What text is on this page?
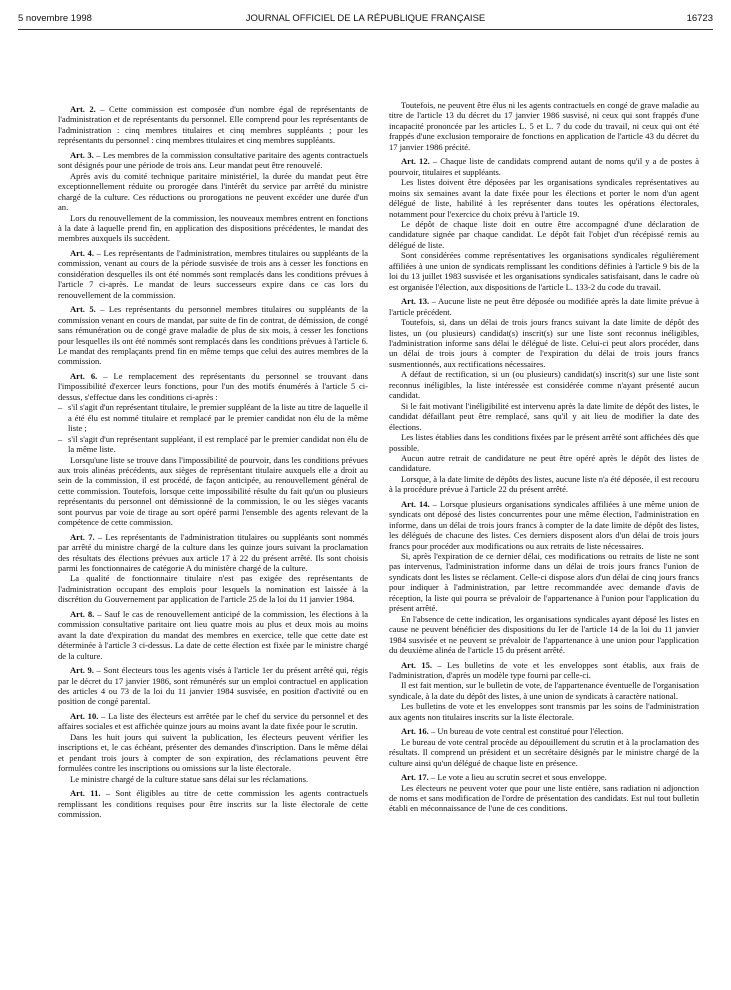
5 novembre 1998	JOURNAL OFFICIEL DE LA RÉPUBLIQUE FRANÇAISE	16723

Art. 2. – Cette commission est composée d'un nombre égal de représentants de l'administration et de représentants du personnel. Elle comprend pour les représentants de l'administration : cinq membres titulaires et cinq membres suppléants ; pour les représentants du personnel : cinq membres titulaires et cinq membres suppléants.

Art. 3. – Les membres de la commission consultative paritaire des agents contractuels sont désignés pour une période de trois ans. Leur mandat peut être renouvelé.

Après avis du comité technique paritaire ministériel, la durée du mandat peut être exceptionnellement réduite ou prorogée dans l'intérêt du service par arrêté du ministre chargé de la culture. Ces réductions ou prorogations ne peuvent excéder une durée d'un an.

Lors du renouvellement de la commission, les nouveaux membres entrent en fonctions à la date à laquelle prend fin, en application des dispositions précédentes, le mandat des membres auxquels ils succèdent.

Art. 4. – Les représentants de l'administration, membres titulaires ou suppléants de la commission, venant au cours de la période susvisée de trois ans à cesser les fonctions en considération desquelles ils ont été nommés sont remplacés dans les conditions prévues à l'article 7 ci-après. Le mandat de leurs successeurs expire dans ce cas lors du renouvellement de la commission.

Art. 5. – Les représentants du personnel membres titulaires ou suppléants de la commission venant en cours de mandat, par suite de fin de contrat, de démission, de congé sans rémunération ou de congé grave maladie de plus de six mois, à cesser les fonctions pour lesquelles ils ont été nommés sont remplacés dans les conditions prévues à l'article 6. Le mandat des remplaçants prend fin en même temps que celui des autres membres de la commission.

Art. 6. – Le remplacement des représentants du personnel se trouvant dans l'impossibilité d'exercer leurs fonctions, pour l'un des motifs énumérés à l'article 5 ci-dessus, s'effectue dans les conditions ci-après :

– s'il s'agit d'un représentant titulaire, le premier suppléant de la liste au titre de laquelle il a été élu est nommé titulaire et remplacé par le premier candidat non élu de la même liste ;

– s'il s'agit d'un représentant suppléant, il est remplacé par le premier candidat non élu de la même liste.

Lorsqu'une liste se trouve dans l'impossibilité de pourvoir, dans les conditions prévues aux trois alinéas précédents, aux sièges de représentant titulaire auxquels elle a droit au sein de la commission, il est procédé, de façon anticipée, au renouvellement général de cette commission. Toutefois, lorsque cette impossibilité résulte du fait qu'un ou plusieurs représentants du personnel ont démissionné de la commission, le ou les sièges vacants sont pourvus par voie de tirage au sort opéré parmi l'ensemble des agents relevant de la compétence de cette commission.

Art. 7. – Les représentants de l'administration titulaires ou suppléants sont nommés par arrêté du ministre chargé de la culture dans les quinze jours suivant la proclamation des résultats des élections prévues aux article 17 à 22 du présent arrêté. Ils sont choisis parmi les fonctionnaires de catégorie A du ministère chargé de la culture.

La qualité de fonctionnaire titulaire n'est pas exigée des représentants de l'administration occupant des emplois pour lesquels la nomination est laissée à la discrétion du Gouvernement par application de l'article 25 de la loi du 11 janvier 1984.

Art. 8. – Sauf le cas de renouvellement anticipé de la commission, les élections à la commission consultative paritaire ont lieu quatre mois au plus et deux mois au moins avant la date d'expiration du mandat des membres en exercice, telle que cette date est déterminée à l'article 3 ci-dessus. La date de cette élection est fixée par le ministre chargé de la culture.

Art. 9. – Sont électeurs tous les agents visés à l'article 1er du présent arrêté qui, régis par le décret du 17 janvier 1986, sont rémunérés sur un emploi contractuel en application des articles 4 ou 73 de la loi du 11 janvier 1984 susvisée, en position d'activité ou en position de congé parental.

Art. 10. – La liste des électeurs est arrêtée par le chef du service du personnel et des affaires sociales et est affichée quinze jours au moins avant la date fixée pour le scrutin.

Dans les huit jours qui suivent la publication, les électeurs peuvent vérifier les inscriptions et, le cas échéant, présenter des demandes d'inscription. Dans le même délai et pendant trois jours à compter de son expiration, des réclamations peuvent être formulées contre les inscriptions ou omissions sur la liste électorale.

Le ministre chargé de la culture statue sans délai sur les réclamations.

Art. 11. – Sont éligibles au titre de cette commission les agents contractuels remplissant les conditions requises pour être inscrits sur la liste électorale de cette commission.

Toutefois, ne peuvent être élus ni les agents contractuels en congé de grave maladie au titre de l'article 13 du décret du 17 janvier 1986 susvisé, ni ceux qui sont frappés d'une incapacité prononcée par les articles L. 5 et L. 7 du code du travail, ni ceux qui ont été frappés d'une exclusion temporaire de fonctions en application de l'article 43 du décret du 17 janvier 1986 précité.

Art. 12. – Chaque liste de candidats comprend autant de noms qu'il y a de postes à pourvoir, titulaires et suppléants.

Les listes doivent être déposées par les organisations syndicales représentatives au moins six semaines avant la date fixée pour les élections et porter le nom d'un agent délégué de liste, habilité à les représenter dans toutes les opérations électorales, notamment pour l'exercice du choix prévu à l'article 19.

Le dépôt de chaque liste doit en outre être accompagné d'une déclaration de candidature signée par chaque candidat. Le dépôt fait l'objet d'un récépissé remis au délégué de liste.

Sont considérées comme représentatives les organisations syndicales régulièrement affiliées à une union de syndicats remplissant les conditions définies à l'article 9 bis de la loi du 13 juillet 1983 susvisée et les organisations syndicales satisfaisant, dans le cadre où est organisée l'élection, aux dispositions de l'article L. 133-2 du code du travail.

Art. 13. – Aucune liste ne peut être déposée ou modifiée après la date limite prévue à l'article précédent.

Toutefois, si, dans un délai de trois jours francs suivant la date limite de dépôt des listes, un (ou plusieurs) candidat(s) inscrit(s) sur une liste sont reconnus inéligibles, l'administration informe sans délai le délégué de liste. Celui-ci peut alors procéder, dans un délai de trois jours à compter de l'expiration du délai de trois jours francs susmentionnés, aux rectifications nécessaires.

A défaut de rectification, si un (ou plusieurs) candidat(s) inscrit(s) sur une liste sont reconnus inéligibles, la liste intéressée est considérée comme n'ayant présenté aucun candidat.

Si le fait motivant l'inéligibilité est intervenu après la date limite de dépôt des listes, le candidat défaillant peut être remplacé, sans qu'il y ait lieu de modifier la date des élections.

Les listes établies dans les conditions fixées par le présent arrêté sont affichées dès que possible.

Aucun autre retrait de candidature ne peut être opéré après le dépôt des listes de candidature.

Lorsque, à la date limite de dépôts des listes, aucune liste n'a été déposée, il est recouru à la procédure prévue à l'article 22 du présent arrêté.

Art. 14. – Lorsque plusieurs organisations syndicales affiliées à une même union de syndicats ont déposé des listes concurrentes pour une même élection, l'administration en informe, dans un délai de trois jours francs à compter de la date limite de dépôt des listes, les délégués de chacune des listes. Ces derniers disposent alors d'un délai de trois jours francs pour procéder aux modifications ou aux retraits de liste nécessaires.

Si, après l'expiration de ce dernier délai, ces modifications ou retraits de liste ne sont pas intervenus, l'administration informe dans un délai de trois jours francs l'union de syndicats dont les listes se réclament. Celle-ci dispose alors d'un délai de cinq jours francs pour indiquer à l'administration, par lettre recommandée avec demande d'avis de réception, la liste qui pourra se prévaloir de l'appartenance à l'union pour l'application du présent arrêté.

En l'absence de cette indication, les organisations syndicales ayant déposé les listes en cause ne peuvent bénéficier des dispositions du Ier de l'article 14 de la loi du 11 janvier 1984 susvisée et ne peuvent se prévaloir de l'appartenance à une union pour l'application du deuxième alinéa de l'article 15 du présent arrêté.

Art. 15. – Les bulletins de vote et les enveloppes sont établis, aux frais de l'administration, d'après un modèle type fourni par celle-ci.

Il est fait mention, sur le bulletin de vote, de l'appartenance éventuelle de l'organisation syndicale, à la date du dépôt des listes, à une union de syndicats à caractère national.

Les bulletins de vote et les enveloppes sont transmis par les soins de l'administration aux agents non titulaires inscrits sur la liste électorale.

Art. 16. – Un bureau de vote central est constitué pour l'élection.

Le bureau de vote central procède au dépouillement du scrutin et à la proclamation des résultats. Il comprend un président et un secrétaire désignés par le ministre chargé de la culture ainsi qu'un délégué de chaque liste en présence.

Art. 17. – Le vote a lieu au scrutin secret et sous enveloppe.

Les électeurs ne peuvent voter que pour une liste entière, sans radiation ni adjonction de noms et sans modification de l'ordre de présentation des candidats. Est nul tout bulletin établi en méconnaissance de l'une de ces conditions.
